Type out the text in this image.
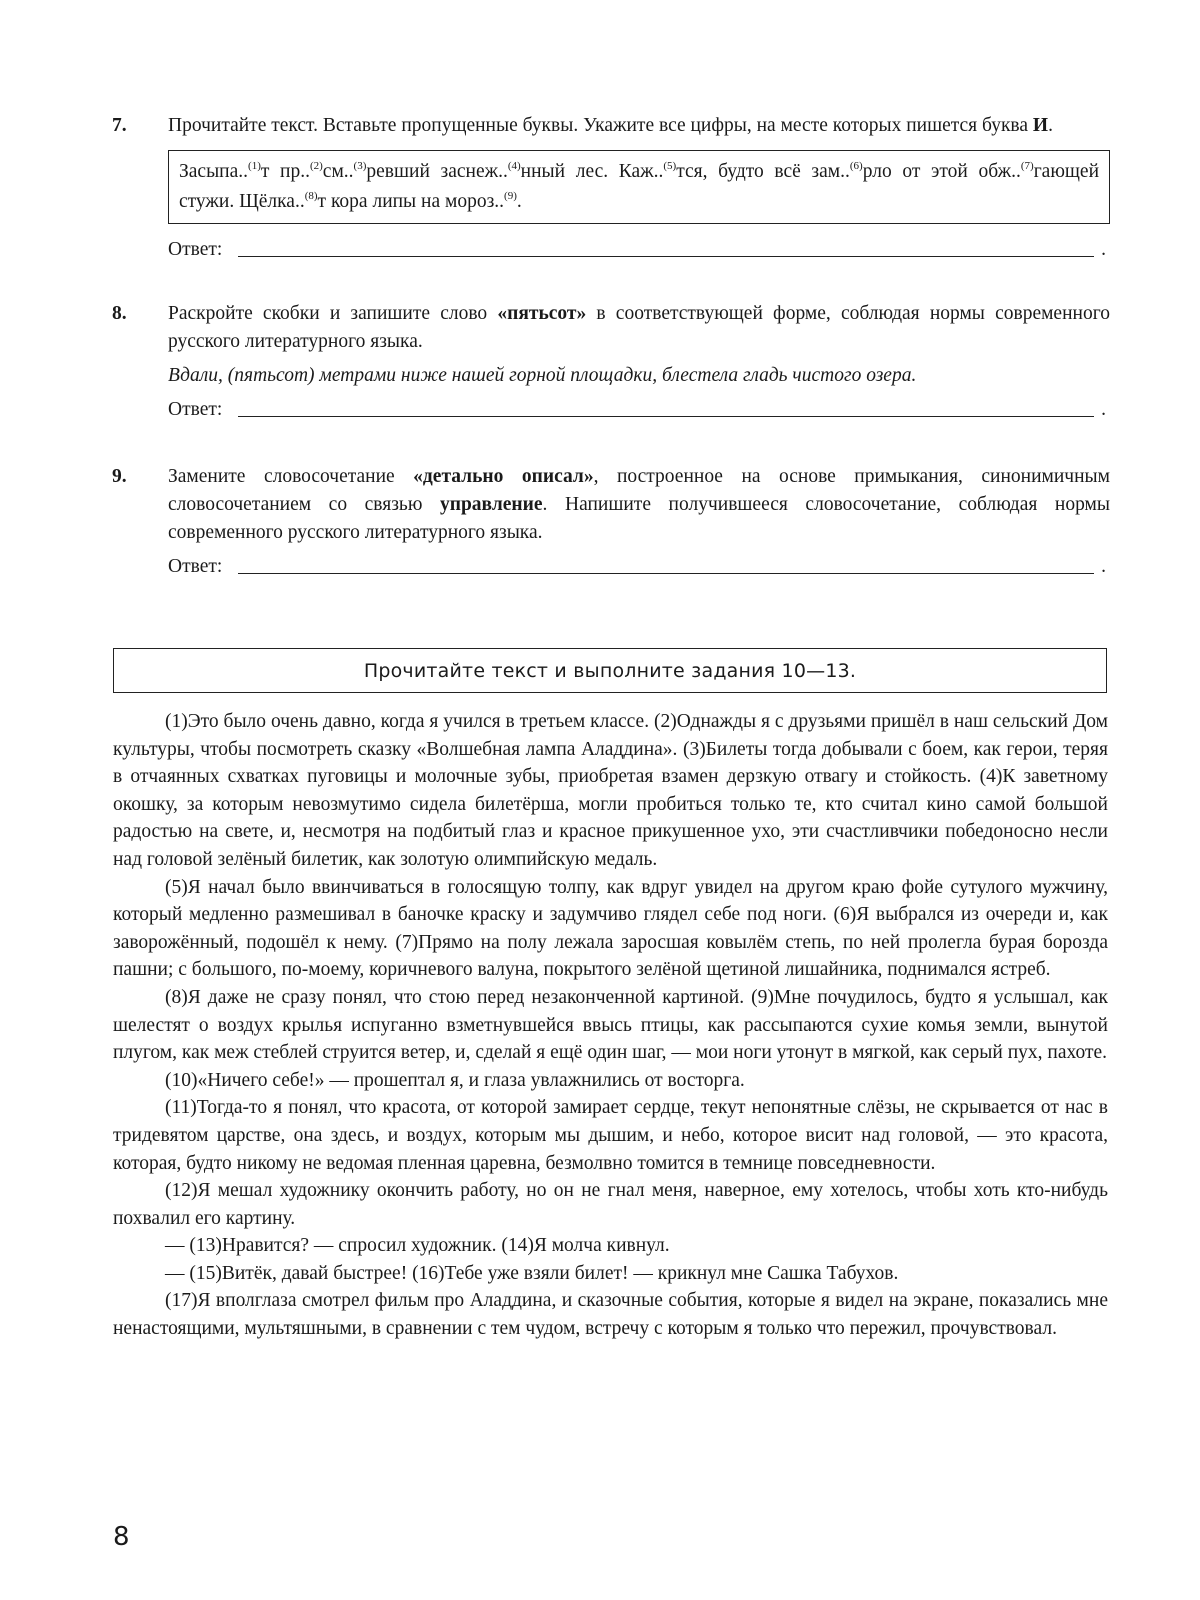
7. Прочитайте текст. Вставьте пропущенные буквы. Укажите все цифры, на месте которых пишется буква И.

Засыпа..$^{(1)}$т пр..$^{(2)}$см..$^{(3)}$ревший заснеж..$^{(4)}$нный лес. Каж..$^{(5)}$тся, будто всё зам..$^{(6)}$рло от этой обж..$^{(7)}$гающей стужи. Щёлка..$^{(8)}$т кора липы на мороз..$^{(9)}$.
Ответ:	.
8. Раскройте скобки и запишите слово «пятьсот» в соответствующей форме, соблюдая нормы современного русского литературного языка.

Вдали, (пятьсот) метрами ниже нашей горной площадки, блестела гладь чистого озера.

Ответ:	.
9. Замените словосочетание «детально описал», построенное на основе примыкания, синонимичным словосочетанием со связью управление. Напишите получившееся словосочетание, соблюдая нормы современного русского литературного языка.

Ответ:	.
Прочитайте текст и выполните задания 10—13.

(1)Это было очень давно, когда я учился в третьем классе. (2)Однажды я с друзьями пришёл в наш сельский Дом культуры, чтобы посмотреть сказку «Волшебная лампа Аладдина». (3)Билеты тогда добывали с боем, как герои, теряя в отчаянных схватках пуговицы и молочные зубы, приобретая взамен дерзкую отвагу и стойкость. (4)К заветному окошку, за которым невозмутимо сидела билетёрша, могли пробиться только те, кто считал кино самой большой радостью на свете, и, несмотря на подбитый глаз и красное прикушенное ухо, эти счастливчики победоносно несли над головой зелёный билетик, как золотую олимпийскую медаль.

(5)Я начал было ввинчиваться в голосящую толпу, как вдруг увидел на другом краю фойе сутулого мужчину, который медленно размешивал в баночке краску и задумчиво глядел себе под ноги. (6)Я выбрался из очереди и, как заворожённый, подошёл к нему. (7)Прямо на полу лежала заросшая ковылём степь, по ней пролегла бурая борозда пашни; с большого, по-моему, коричневого валуна, покрытого зелёной щетиной лишайника, поднимался ястреб.

(8)Я даже не сразу понял, что стою перед незаконченной картиной. (9)Мне почудилось, будто я услышал, как шелестят о воздух крылья испуганно взметнувшейся ввысь птицы, как рассыпаются сухие комья земли, вынутой плугом, как меж стеблей струится ветер, и, сделай я ещё один шаг, — мои ноги утонут в мягкой, как серый пух, пахоте.

(10)«Ничего себе!» — прошептал я, и глаза увлажнились от восторга.

(11)Тогда-то я понял, что красота, от которой замирает сердце, текут непонятные слёзы, не скрывается от нас в тридевятом царстве, она здесь, и воздух, которым мы дышим, и небо, которое висит над головой, — это красота, которая, будто никому не ведомая пленная царевна, безмолвно томится в темнице повседневности.

(12)Я мешал художнику окончить работу, но он не гнал меня, наверное, ему хотелось, чтобы хоть кто-нибудь похвалил его картину.

— (13)Нравится? — спросил художник. (14)Я молча кивнул.

— (15)Витёк, давай быстрее! (16)Тебе уже взяли билет! — крикнул мне Сашка Табухов.

(17)Я вполглаза смотрел фильм про Аладдина, и сказочные события, которые я видел на экране, показались мне ненастоящими, мультяшными, в сравнении с тем чудом, встречу с которым я только что пережил, прочувствовал.

8
